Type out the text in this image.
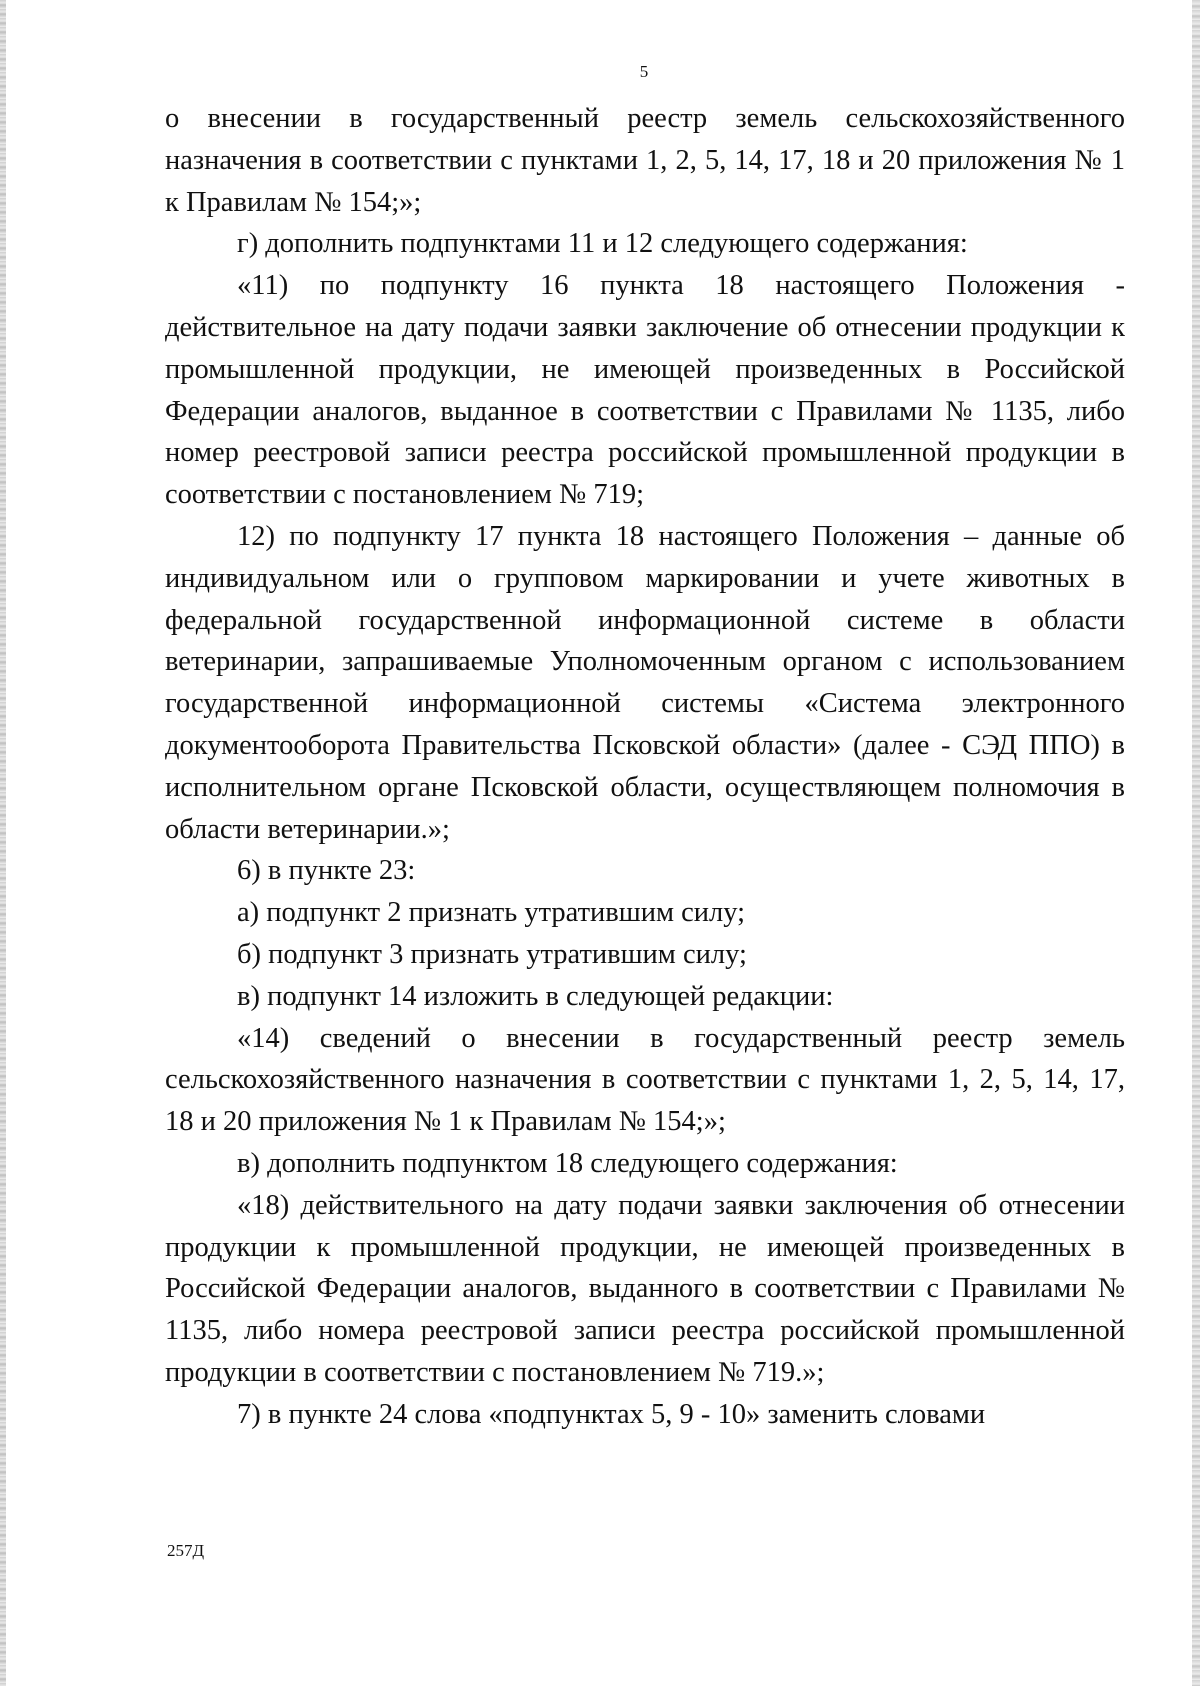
5

о внесении в государственный реестр земель сельскохозяйственного назначения в соответствии с пунктами 1, 2, 5, 14, 17, 18 и 20 приложения № 1 к Правилам № 154;»;

г) дополнить подпунктами 11 и 12 следующего содержания:

«11) по подпункту 16 пункта 18 настоящего Положения - действительное на дату подачи заявки заключение об отнесении продукции к промышленной продукции, не имеющей произведенных в Российской Федерации аналогов, выданное в соответствии с Правилами № 1135, либо номер реестровой записи реестра российской промышленной продукции в соответствии с постановлением № 719;

12) по подпункту 17 пункта 18 настоящего Положения – данные об индивидуальном или о групповом маркировании и учете животных в федеральной государственной информационной системе в области ветеринарии, запрашиваемые Уполномоченным органом с использованием государственной информационной системы «Система электронного документооборота Правительства Псковской области» (далее - СЭД ППО) в исполнительном органе Псковской области, осуществляющем полномочия в области ветеринарии.»;

6) в пункте 23:

а) подпункт 2 признать утратившим силу;

б) подпункт 3 признать утратившим силу;

в) подпункт 14 изложить в следующей редакции:

«14) сведений о внесении в государственный реестр земель сельскохозяйственного назначения в соответствии с пунктами 1, 2, 5, 14, 17, 18 и 20 приложения № 1 к Правилам № 154;»;

в) дополнить подпунктом 18 следующего содержания:

«18) действительного на дату подачи заявки заключения об отнесении продукции к промышленной продукции, не имеющей произведенных в Российской Федерации аналогов, выданного в соответствии с Правилами № 1135, либо номера реестровой записи реестра российской промышленной продукции в соответствии с постановлением № 719.»;

7) в пункте 24 слова «подпунктах 5, 9 - 10» заменить словами

257Д
